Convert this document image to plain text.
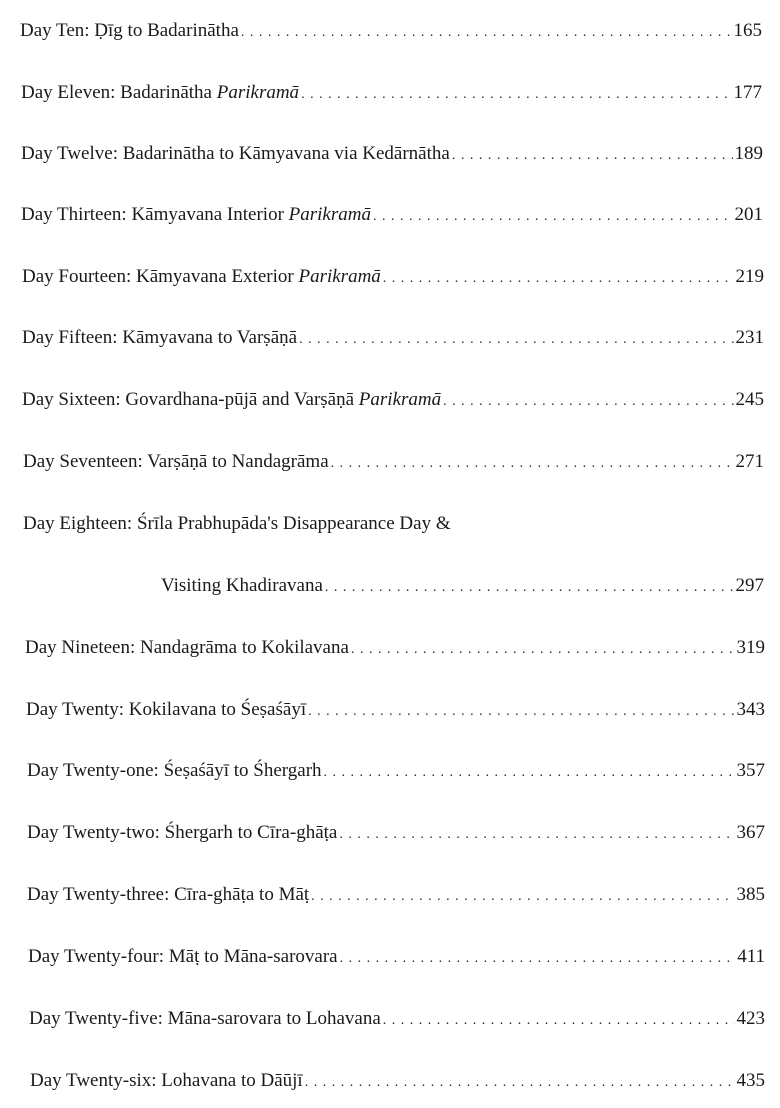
Day Ten: Ḍīg to Badarinātha . . .	165
Day Eleven: Badarinātha Parikramā . . .	177
Day Twelve: Badarinātha to Kāmyavana via Kedārnātha . . .	189
Day Thirteen: Kāmyavana Interior Parikramā . . .	201
Day Fourteen: Kāmyavana Exterior Parikramā . . .	219
Day Fifteen: Kāmyavana to Varṣāṇā . . .	231
Day Sixteen: Govardhana-pūjā and Varṣāṇā Parikramā . . .	245
Day Seventeen: Varṣāṇā to Nandagrāma . . .	271
Day Eighteen: Śrīla Prabhupāda's Disappearance Day &
Visiting Khadiravana . . .	297
Day Nineteen: Nandagrāma to Kokilavana . . .	319
Day Twenty: Kokilavana to Śeṣaśāyī . . .	343
Day Twenty-one: Śeṣaśāyī to Śhergarh . . .	357
Day Twenty-two: Śhergarh to Cīra-ghāṭa . . .	367
Day Twenty-three: Cīra-ghāṭa to Māṭ . . .	385
Day Twenty-four: Māṭ to Māna-sarovara . . .	411
Day Twenty-five: Māna-sarovara to Lohavana . . .	423
Day Twenty-six: Lohavana to Dāūjī . . .	435
